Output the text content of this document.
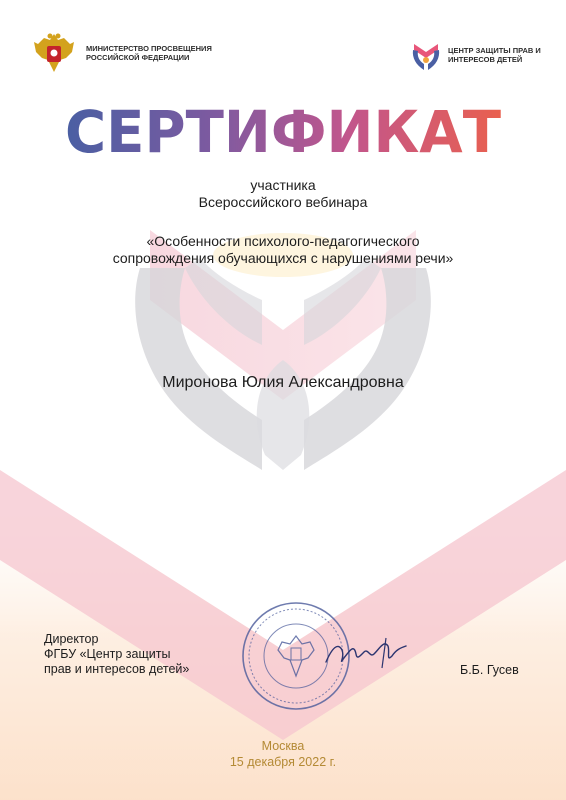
МИНИСТЕРСТВО ПРОСВЕЩЕНИЯ РОССИЙСКОЙ ФЕДЕРАЦИИ
ЦЕНТР ЗАЩИТЫ ПРАВ И ИНТЕРЕСОВ ДЕТЕЙ
СЕРТИФИКАТ
участника
Всероссийского вебинара
«Особенности психолого-педагогического
сопровождения обучающихся с нарушениями речи»
Миронова Юлия Александровна
Директор
ФГБУ «Центр защиты
прав и интересов детей»	Б.Б. Гусев
Москва
15 декабря 2022 г.
